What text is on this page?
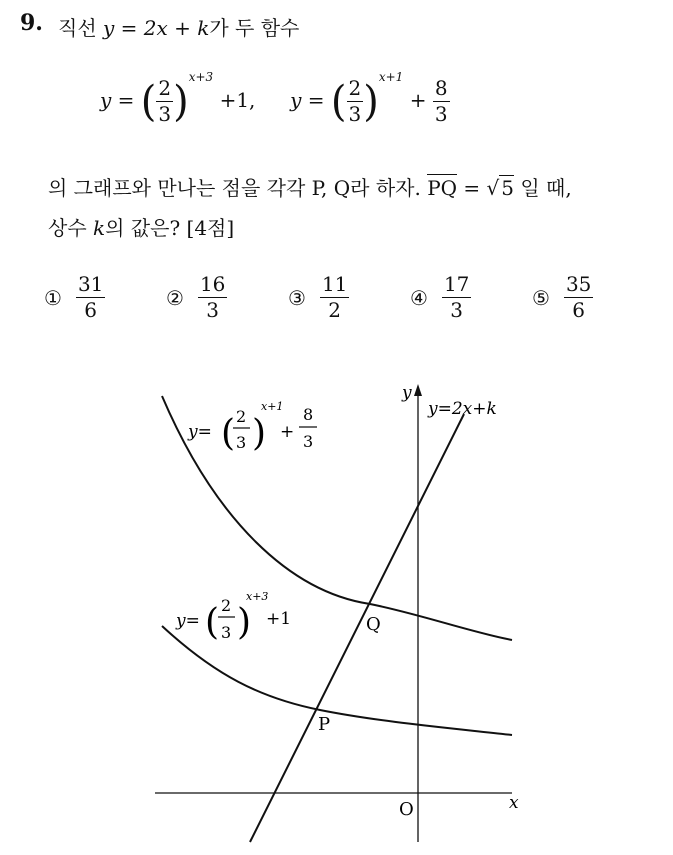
9. 직선 y = 2x + k가 두 함수
y = ( $\frac{2}{3} )^{x+3} +1$, y = ( $\frac{2}{3} )^{x+1} + \frac{8}{3}$
의 그래프와 만나는 점을 각각 P, Q라 하자. PQ = √ 5 일 때,
상수 k의 값은? [4점]
① $\frac{31}{6}$	② $\frac{16}{3}$	③ $\frac{11}{2}$	④ $\frac{17}{3}$	⑤ $\frac{35}{6}$
x
y
O
P
Q
y=2x+k
y= ( 2
3 )
x+1
+
8
3
y= ( 2
3 )
x+3
+1
